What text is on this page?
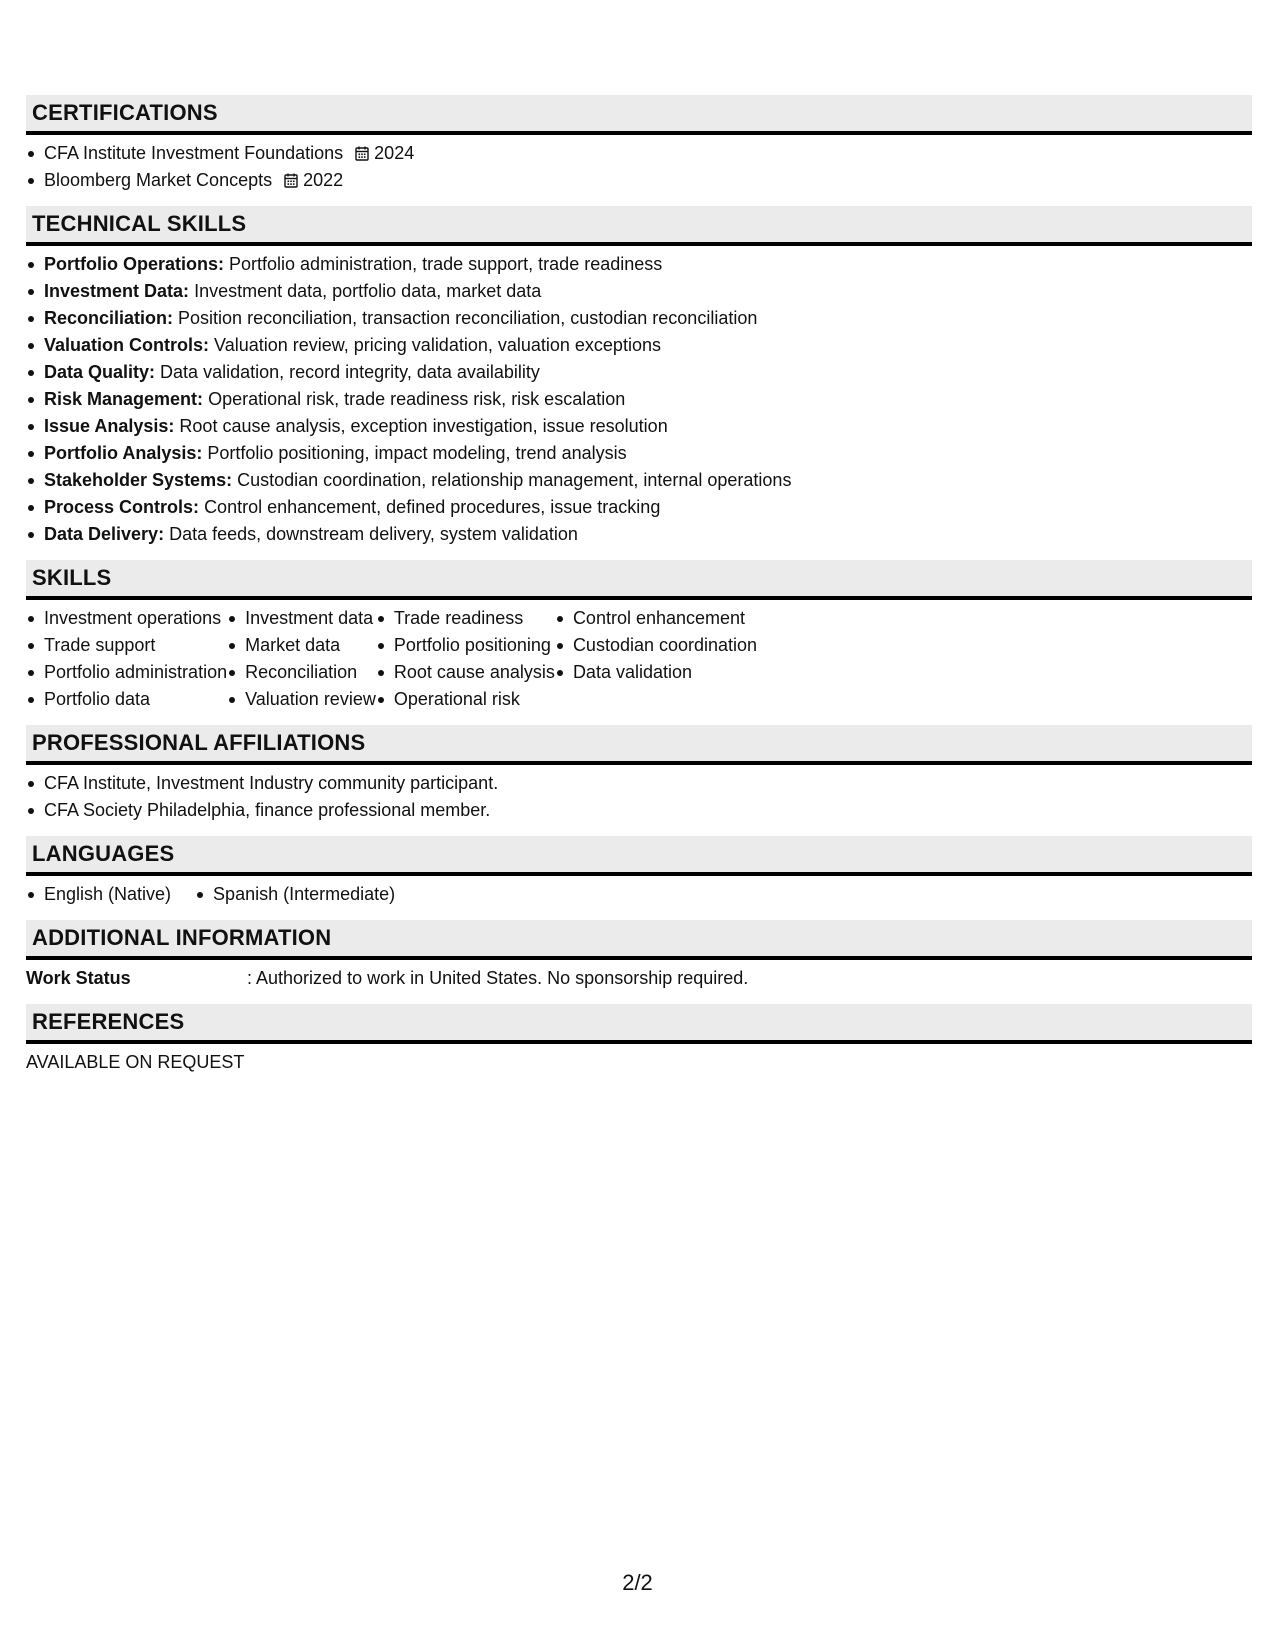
CERTIFICATIONS
CFA Institute Investment Foundations 2024
Bloomberg Market Concepts 2022
TECHNICAL SKILLS
Portfolio Operations: Portfolio administration, trade support, trade readiness
Investment Data: Investment data, portfolio data, market data
Reconciliation: Position reconciliation, transaction reconciliation, custodian reconciliation
Valuation Controls: Valuation review, pricing validation, valuation exceptions
Data Quality: Data validation, record integrity, data availability
Risk Management: Operational risk, trade readiness risk, risk escalation
Issue Analysis: Root cause analysis, exception investigation, issue resolution
Portfolio Analysis: Portfolio positioning, impact modeling, trend analysis
Stakeholder Systems: Custodian coordination, relationship management, internal operations
Process Controls: Control enhancement, defined procedures, issue tracking
Data Delivery: Data feeds, downstream delivery, system validation
SKILLS
Investment operations
Trade support
Portfolio administration
Portfolio data
Investment data
Market data
Reconciliation
Valuation review
Trade readiness
Portfolio positioning
Root cause analysis
Operational risk
Control enhancement
Custodian coordination
Data validation
PROFESSIONAL AFFILIATIONS
CFA Institute, Investment Industry community participant.
CFA Society Philadelphia, finance professional member.
LANGUAGES
English (Native)	Spanish (Intermediate)
ADDITIONAL INFORMATION
Work Status	: Authorized to work in United States. No sponsorship required.
REFERENCES
AVAILABLE ON REQUEST
2/2
